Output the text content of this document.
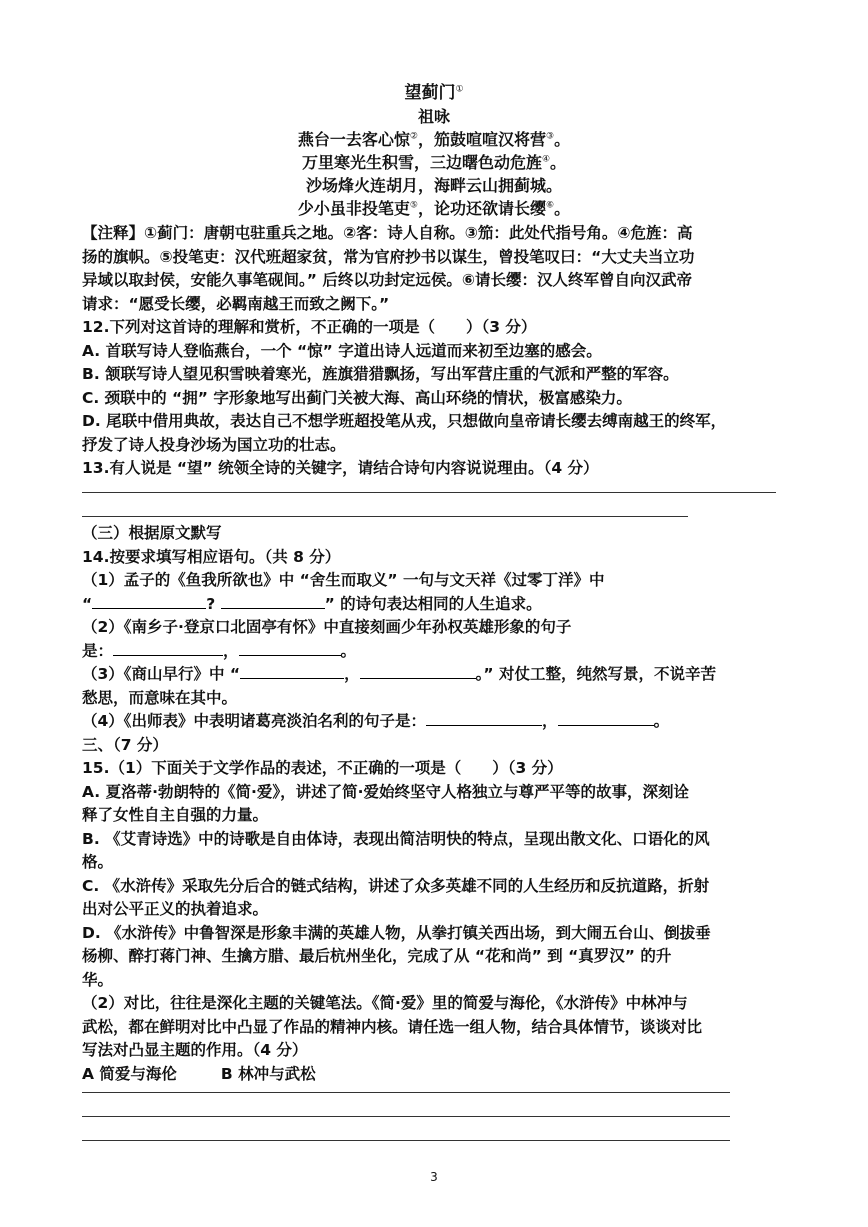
望蓟门①
祖咏
燕台一去客心惊②，笳鼓喧喧汉将营③。
万里寒光生积雪，三边曙色动危旌④。
沙场烽火连胡月，海畔云山拥蓟城。
少小虽非投笔吏⑤，论功还欲请长缨⑥。
【注释】①蓟门：唐朝屯驻重兵之地。②客：诗人自称。③笳：此处代指号角。④危旌：高
扬的旗帜。⑤投笔吏：汉代班超家贫，常为官府抄书以谋生，曾投笔叹曰：“大丈夫当立功
异域以取封侯，安能久事笔砚间。” 后终以功封定远侯。⑥请长缨：汉人终军曾自向汉武帝
请求：“愿受长缨，必羁南越王而致之阙下。”
12.下列对这首诗的理解和赏析，不正确的一项是（　　）（3 分）
A. 首联写诗人登临燕台，一个 “惊” 字道出诗人远道而来初至边塞的感会。
B. 颔联写诗人望见积雪映着寒光，旌旗猎猎飘扬，写出军营庄重的气派和严整的军容。
C. 颈联中的 “拥” 字形象地写出蓟门关被大海、高山环绕的情状，极富感染力。
D. 尾联中借用典故，表达自己不想学班超投笔从戎，只想做向皇帝请长缨去缚南越王的终军，
抒发了诗人投身沙场为国立功的壮志。
13.有人说是 “望” 统领全诗的关键字，请结合诗句内容说说理由。（4 分）
（三）根据原文默写
14.按要求填写相应语句。（共 8 分）
（1）孟子的《鱼我所欲也》中 “舍生而取义” 一句与文天祥《过零丁洋》中
“	?	” 的诗句表达相同的人生追求。
（2）《南乡子·登京口北固亭有怀》中直接刻画少年孙权英雄形象的句子
是：	，	。
（3）《商山早行》中 “	，	。” 对仗工整，纯然写景，不说辛苦
愁思，而意味在其中。
（4）《出师表》中表明诸葛亮淡泊名利的句子是：	，	。
三、（7 分）
15.（1）下面关于文学作品的表述，不正确的一项是（　　）（3 分）
A. 夏洛蒂·勃朗特的《简·爱》，讲述了简·爱始终坚守人格独立与尊严平等的故事，深刻诠
释了女性自主自强的力量。
B. 《艾青诗选》中的诗歌是自由体诗，表现出简洁明快的特点，呈现出散文化、口语化的风
格。
C. 《水浒传》采取先分后合的链式结构，讲述了众多英雄不同的人生经历和反抗道路，折射
出对公平正义的执着追求。
D. 《水浒传》中鲁智深是形象丰满的英雄人物，从拳打镇关西出场，到大闹五台山、倒拔垂
杨柳、醉打蒋门神、生擒方腊、最后杭州坐化，完成了从 “花和尚” 到 “真罗汉” 的升
华。
（2）对比，往往是深化主题的关键笔法。《简·爱》里的简爱与海伦，《水浒传》中林冲与
武松，都在鲜明对比中凸显了作品的精神内核。请任选一组人物，结合具体情节，谈谈对比
写法对凸显主题的作用。（4 分）
A 简爱与海伦	B 林冲与武松
3
